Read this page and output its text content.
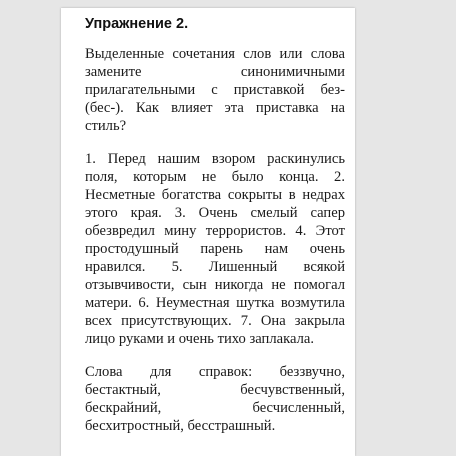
Упражнение 2.
Выделенные сочетания слов или слова замените синонимичными прилагательными с приставкой без- (бес-). Как влияет эта приставка на стиль?
1. Перед нашим взором раскинулись поля, которым не было конца. 2. Несметные богатства сокрыты в недрах этого края. 3. Очень смелый сапер обезвредил мину террористов. 4. Этот простодушный парень нам очень нравился. 5. Лишенный всякой отзывчивости, сын никогда не помогал матери. 6. Неуместная шутка возмутила всех присутствующих. 7. Она закрыла лицо руками и очень тихо заплакала.
Слова для справок: беззвучно, бестактный, бесчувственный, бескрайний, бесчисленный, бесхитростный, бесстрашный.
